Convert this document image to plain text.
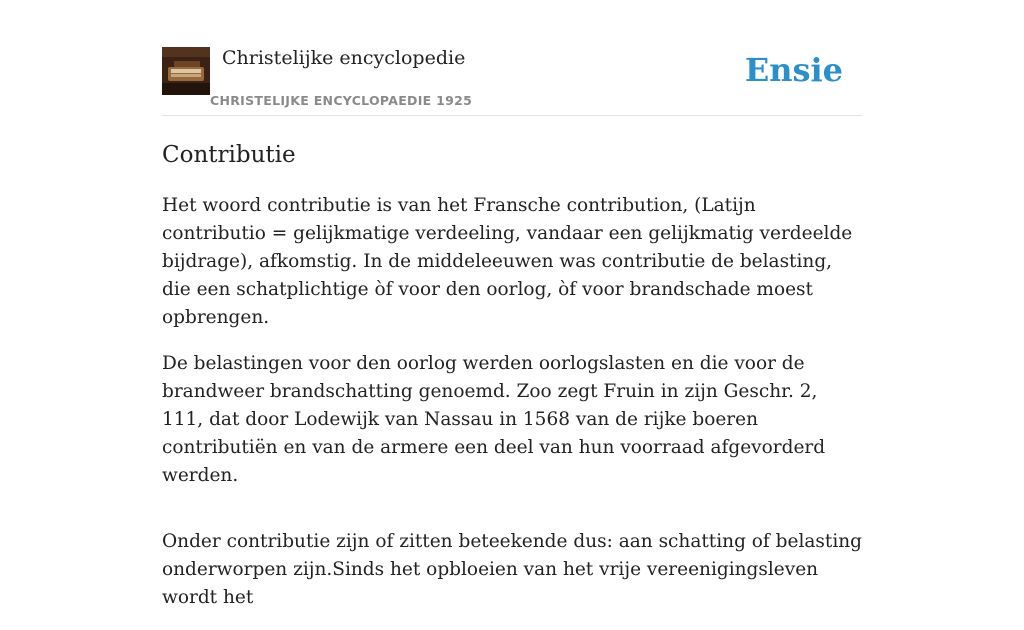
Christelijke encyclopedie
CHRISTELIJKE ENCYCLOPAEDIE 1925
Ensie
Contributie

Het woord contributie is van het Fransche contribution, (Latijn contributio = gelijkmatige verdeeling, vandaar een gelijkmatig verdeelde bijdrage), afkomstig. In de middeleeuwen was contributie de belasting, die een schatplichtige òf voor den oorlog, òf voor brandschade moest opbrengen.

De belastingen voor den oorlog werden oorlogslasten en die voor de brandweer brandschatting genoemd. Zoo zegt Fruin in zijn Geschr. 2, 111, dat door Lodewijk van Nassau in 1568 van de rijke boeren contributiën en van de armere een deel van hun voorraad afgevorderd werden.

Onder contributie zijn of zitten beteekende dus: aan schatting of belasting onderworpen zijn.Sinds het opbloeien van het vrije vereenigingsleven wordt het
